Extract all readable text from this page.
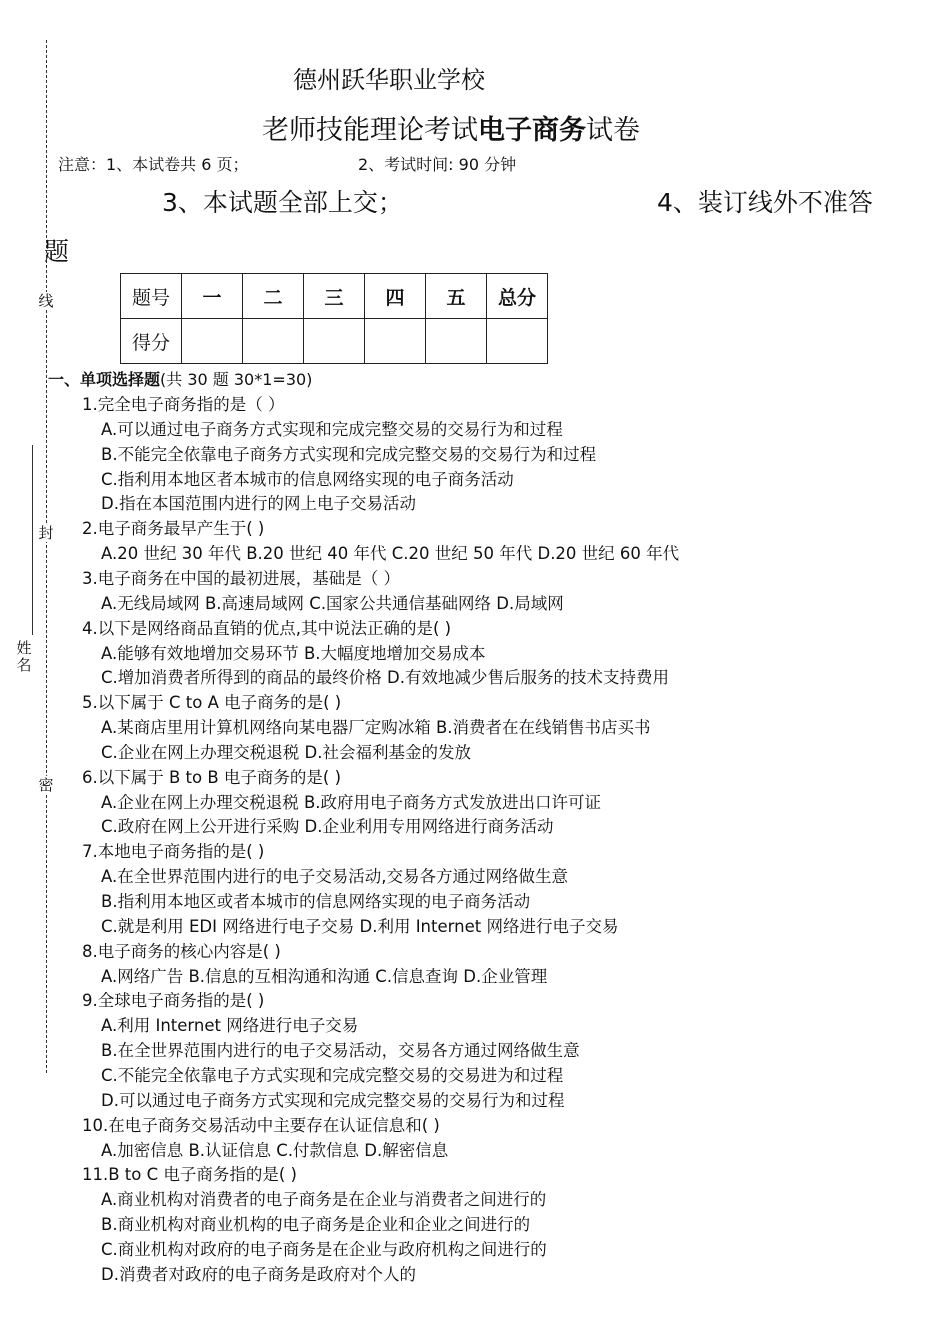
线
封
姓名
密
德州跃华职业学校
老师技能理论考试电子商务试卷
注意：1、本试卷共 6 页；	2、考试时间: 90 分钟
3、本试题全部上交；	4、装订线外不准答
题
题号	一	二	三	四	五	总分
得分						
一、单项选择题(共 30 题 30*1=30)
1.完全电子商务指的是（ ）
A.可以通过电子商务方式实现和完成完整交易的交易行为和过程
B.不能完全依靠电子商务方式实现和完成完整交易的交易行为和过程
C.指利用本地区者本城市的信息网络实现的电子商务活动
D.指在本国范围内进行的网上电子交易活动
2.电子商务最早产生于( )
A.20 世纪 30 年代 B.20 世纪 40 年代 C.20 世纪 50 年代 D.20 世纪 60 年代
3.电子商务在中国的最初进展，基础是（ ）
A.无线局域网 B.高速局域网 C.国家公共通信基础网络 D.局域网
4.以下是网络商品直销的优点,其中说法正确的是( )
A.能够有效地增加交易环节 B.大幅度地增加交易成本
C.增加消费者所得到的商品的最终价格 D.有效地减少售后服务的技术支持费用
5.以下属于 C to A 电子商务的是( )
A.某商店里用计算机网络向某电器厂定购冰箱 B.消费者在在线销售书店买书
C.企业在网上办理交税退税 D.社会福利基金的发放
6.以下属于 B to B 电子商务的是( )
A.企业在网上办理交税退税 B.政府用电子商务方式发放进出口许可证
C.政府在网上公开进行采购 D.企业利用专用网络进行商务活动
7.本地电子商务指的是( )
A.在全世界范围内进行的电子交易活动,交易各方通过网络做生意
B.指利用本地区或者本城市的信息网络实现的电子商务活动
C.就是利用 EDI 网络进行电子交易 D.利用 Internet 网络进行电子交易
8.电子商务的核心内容是( )
A.网络广告 B.信息的互相沟通和沟通 C.信息查询 D.企业管理
9.全球电子商务指的是( )
A.利用 Internet 网络进行电子交易
B.在全世界范围内进行的电子交易活动，交易各方通过网络做生意
C.不能完全依靠电子方式实现和完成完整交易的交易进为和过程
D.可以通过电子商务方式实现和完成完整交易的交易行为和过程
10.在电子商务交易活动中主要存在认证信息和( )
A.加密信息 B.认证信息 C.付款信息 D.解密信息
11.B to C 电子商务指的是( )
A.商业机构对消费者的电子商务是在企业与消费者之间进行的
B.商业机构对商业机构的电子商务是企业和企业之间进行的
C.商业机构对政府的电子商务是在企业与政府机构之间进行的
D.消费者对政府的电子商务是政府对个人的
